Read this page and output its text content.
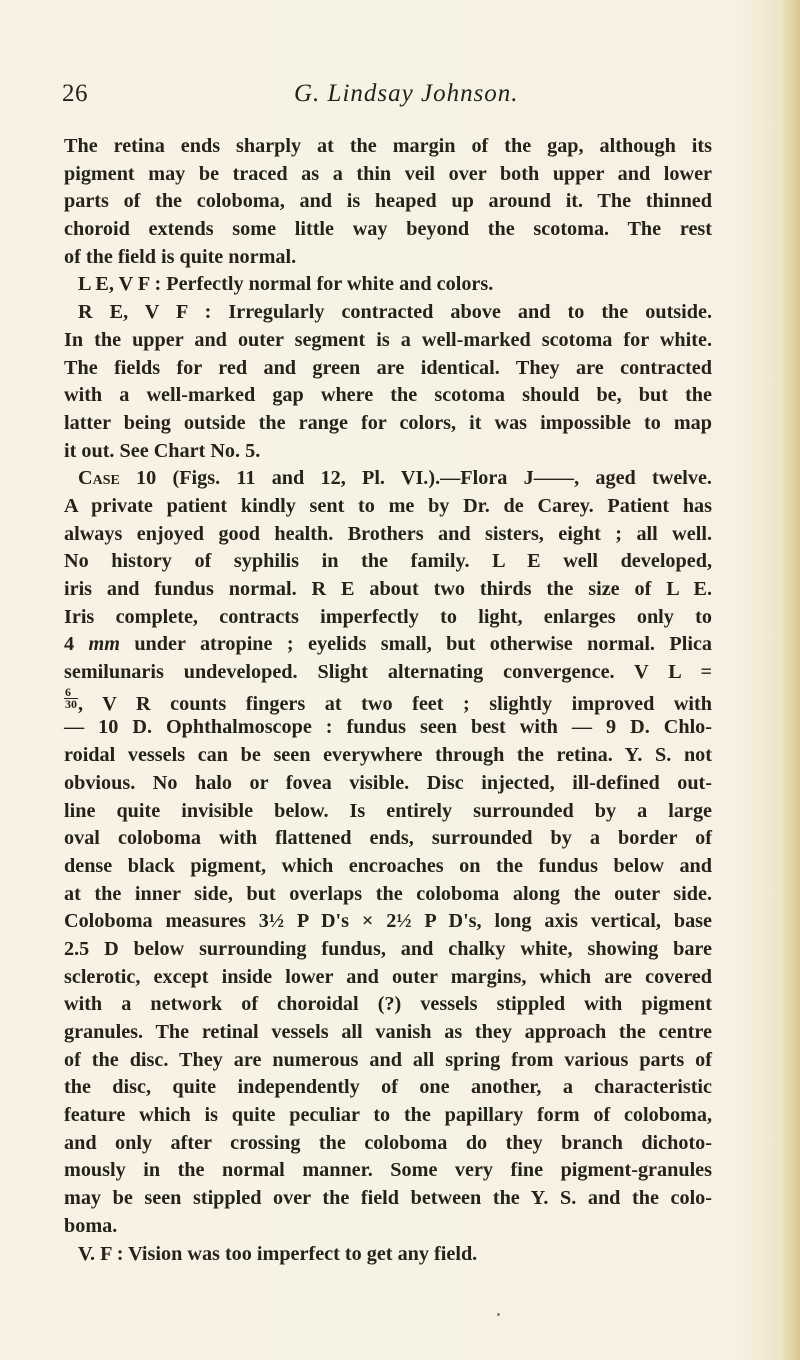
26	G. Lindsay Johnson.
The retina ends sharply at the margin of the gap, although its
pigment may be traced as a thin veil over both upper and lower
parts of the coloboma, and is heaped up around it. The thinned
choroid extends some little way beyond the scotoma. The rest
of the field is quite normal.
L E, V F : Perfectly normal for white and colors.
R E, V F : Irregularly contracted above and to the outside.
In the upper and outer segment is a well-marked scotoma for white.
The fields for red and green are identical. They are contracted
with a well-marked gap where the scotoma should be, but the
latter being outside the range for colors, it was impossible to map
it out. See Chart No. 5.
Case 10 (Figs. 11 and 12, Pl. VI.).—Flora J——, aged twelve.
A private patient kindly sent to me by Dr. de Carey. Patient has
always enjoyed good health. Brothers and sisters, eight ; all well.
No history of syphilis in the family. L E well developed,
iris and fundus normal. R E about two thirds the size of L E.
Iris complete, contracts imperfectly to light, enlarges only to
4 mm under atropine ; eyelids small, but otherwise normal. Plica
semilunaris undeveloped. Slight alternating convergence. V L =
$\frac{6}{30}$ , V R counts fingers at two feet ; slightly improved with
— 10 D. Ophthalmoscope : fundus seen best with — 9 D. Chlo-
roidal vessels can be seen everywhere through the retina. Y. S. not
obvious. No halo or fovea visible. Disc injected, ill-defined out-
line quite invisible below. Is entirely surrounded by a large
oval coloboma with flattened ends, surrounded by a border of
dense black pigment, which encroaches on the fundus below and
at the inner side, but overlaps the coloboma along the outer side.
Coloboma measures 3½ P D's × 2½ P D's, long axis vertical, base
2.5 D below surrounding fundus, and chalky white, showing bare
sclerotic, except inside lower and outer margins, which are covered
with a network of choroidal (?) vessels stippled with pigment
granules. The retinal vessels all vanish as they approach the centre
of the disc. They are numerous and all spring from various parts of
the disc, quite independently of one another, a characteristic
feature which is quite peculiar to the papillary form of coloboma,
and only after crossing the coloboma do they branch dichoto-
mously in the normal manner. Some very fine pigment-granules
may be seen stippled over the field between the Y. S. and the colo-
boma.
V. F : Vision was too imperfect to get any field.
